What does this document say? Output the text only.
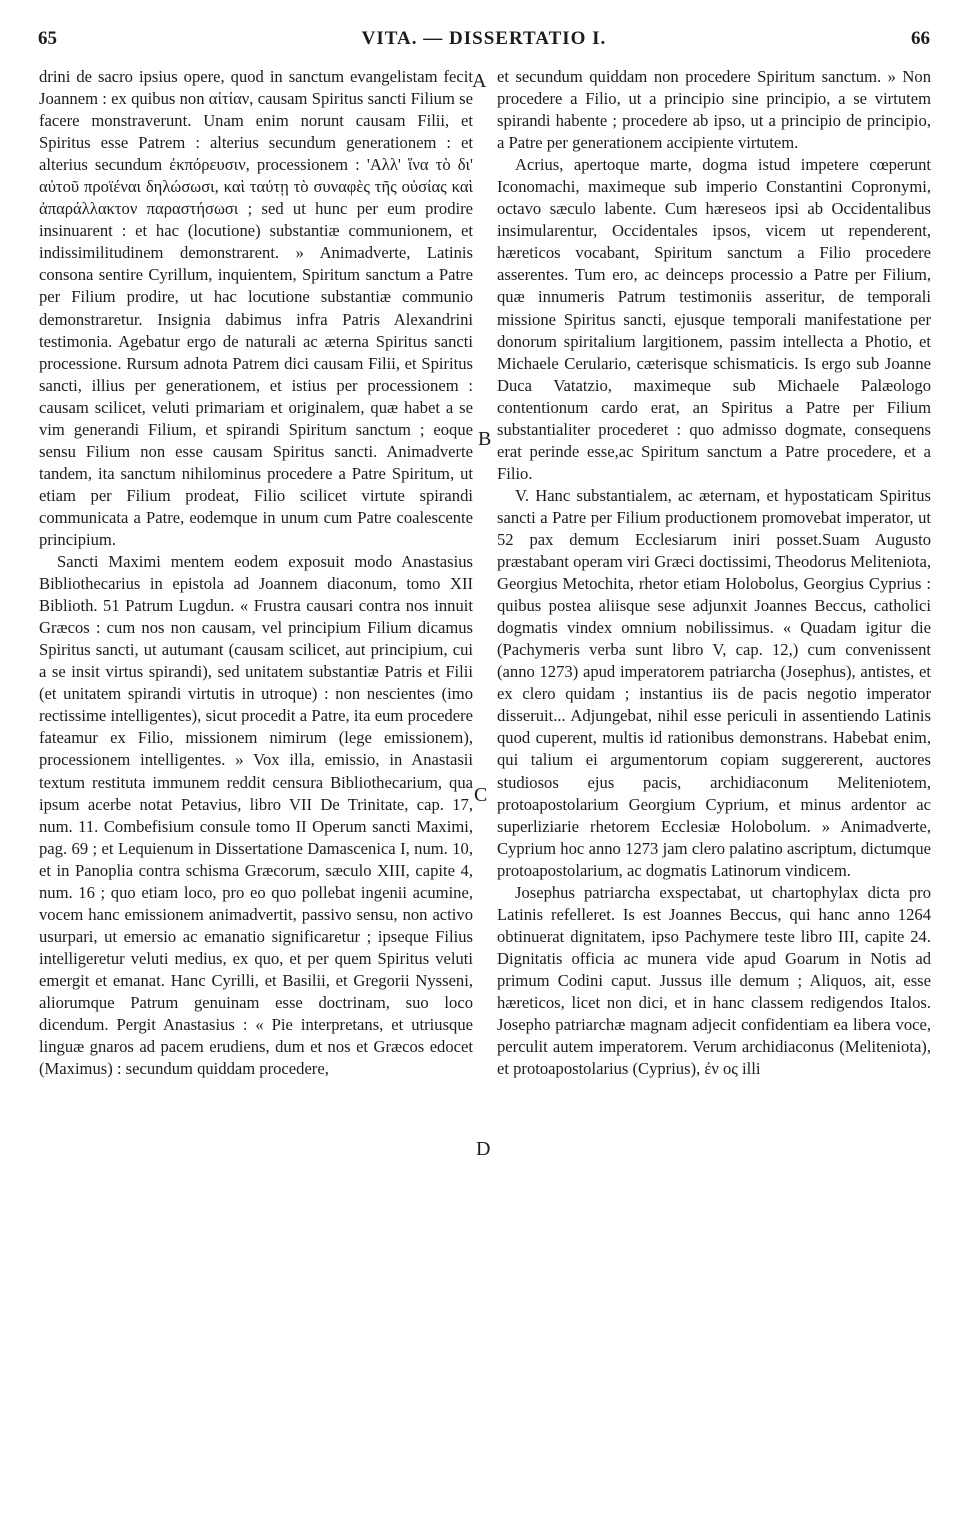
65	VITA. — DISSERTATIO I.	66

drini de sacro ipsius opere, quod in sanctum evangelistam fecit Joannem : ex quibus non αἰτίαν, causam Spiritus sancti Filium se facere monstraverunt. Unam enim norunt causam Filii, et Spiritus esse Patrem : alterius secundum generationem : et alterius secundum ἐκπόρευσιν, processionem : 'Αλλ' ἵνα τὸ δι' αὐτοῦ προϊέναι δηλώσωσι, καὶ ταύτῃ τὸ συναφὲς τῆς οὐσίας καὶ ἀπαράλλακτον παραστήσωσι ; sed ut hunc per eum prodire insinuarent : et hac (locutione) substantiæ communionem, et indissimilitudinem demonstrarent. » Animadverte, Latinis consona sentire Cyrillum, inquientem, Spiritum sanctum a Patre per Filium prodire, ut hac locutione substantiæ communio demonstraretur. Insignia dabimus infra Patris Alexandrini testimonia. Agebatur ergo de naturali ac æterna Spiritus sancti processione. Rursum adnota Patrem dici causam Filii, et Spiritus sancti, illius per generationem, et istius per processionem : causam scilicet, veluti primariam et originalem, quæ habet a se vim generandi Filium, et spirandi Spiritum sanctum ; eoque sensu Filium non esse causam Spiritus sancti. Animadverte tandem, ita sanctum nihilominus procedere a Patre Spiritum, ut etiam per Filium prodeat, Filio scilicet virtute spirandi communicata a Patre, eodemque in unum cum Patre coalescente principium.

Sancti Maximi mentem eodem exposuit modo Anastasius Bibliothecarius in epistola ad Joannem diaconum, tomo XII Biblioth. 51 Patrum Lugdun. « Frustra causari contra nos innuit Græcos : cum nos non causam, vel principium Filium dicamus Spiritus sancti, ut autumant (causam scilicet, aut principium, cui a se insit virtus spirandi), sed unitatem substantiæ Patris et Filii (et unitatem spirandi virtutis in utroque) : non nescientes (imo rectissime intelligentes), sicut procedit a Patre, ita eum procedere fateamur ex Filio, missionem nimirum (lege emissionem), processionem intelligentes. » Vox illa, emissio, in Anastasii textum restituta immunem reddit censura Bibliothecarium, qua ipsum acerbe notat Petavius, libro VII De Trinitate, cap. 17, num. 11. Combefisium consule tomo II Operum sancti Maximi, pag. 69 ; et Lequienum in Dissertatione Damascenica I, num. 10, et in Panoplia contra schisma Græcorum, sæculo XIII, capite 4, num. 16 ; quo etiam loco, pro eo quo pollebat ingenii acumine, vocem hanc emissionem animadvertit, passivo sensu, non activo usurpari, ut emersio ac emanatio significaretur ; ipseque Filius intelligeretur veluti medius, ex quo, et per quem Spiritus veluti emergit et emanat. Hanc Cyrilli, et Basilii, et Gregorii Nysseni, aliorumque Patrum genuinam esse doctrinam, suo loco dicendum. Pergit Anastasius : « Pie interpretans, et utriusque linguæ gnaros ad pacem erudiens, dum et nos et Græcos edocet (Maximus) : secundum quiddam procedere,

et secundum quiddam non procedere Spiritum sanctum. » Non procedere a Filio, ut a principio sine principio, a se virtutem spirandi habente ; procedere ab ipso, ut a principio de principio, a Patre per generationem accipiente virtutem.

Acrius, apertoque marte, dogma istud impetere cœperunt Iconomachi, maximeque sub imperio Constantini Copronymi, octavo sæculo labente. Cum hæreseos ipsi ab Occidentalibus insimularentur, Occidentales ipsos, vicem ut rependerent, hæreticos vocabant, Spiritum sanctum a Filio procedere asserentes. Tum ero, ac deinceps processio a Patre per Filium, quæ innumeris Patrum testimoniis asseritur, de temporali missione Spiritus sancti, ejusque temporali manifestatione per donorum spiritalium largitionem, passim intellecta a Photio, et Michaele Cerulario, cæterisque schismaticis. Is ergo sub Joanne Duca Vatatzio, maximeque sub Michaele Palæologo contentionum cardo erat, an Spiritus a Patre per Filium substantialiter procederet : quo admisso dogmate, consequens erat perinde esse,ac Spiritum sanctum a Patre procedere, et a Filio.

V. Hanc substantialem, ac æternam, et hypostaticam Spiritus sancti a Patre per Filium productionem promovebat imperator, ut 52 pax demum Ecclesiarum iniri posset.Suam Augusto præstabant operam viri Græci doctissimi, Theodorus Meliteniota, Georgius Metochita, rhetor etiam Holobolus, Georgius Cyprius : quibus postea aliisque sese adjunxit Joannes Beccus, catholici dogmatis vindex omnium nobilissimus. « Quadam igitur die (Pachymeris verba sunt libro V, cap. 12,) cum convenissent (anno 1273) apud imperatorem patriarcha (Josephus), antistes, et ex clero quidam ; instantius iis de pacis negotio imperator disseruit... Adjungebat, nihil esse periculi in assentiendo Latinis quod cuperent, multis id rationibus demonstrans. Habebat enim, qui talium ei argumentorum copiam suggererent, auctores studiosos ejus pacis, archidiaconum Meliteniotem, protoapostolarium Georgium Cyprium, et minus ardentor ac superliziarie rhetorem Ecclesiæ Holobolum. » Animadverte, Cyprium hoc anno 1273 jam clero palatino ascriptum, dictumque protoapostolarium, ac dogmatis Latinorum vindicem.

Josephus patriarcha exspectabat, ut chartophylax dicta pro Latinis refelleret. Is est Joannes Beccus, qui hanc anno 1264 obtinuerat dignitatem, ipso Pachymere teste libro III, capite 24. Dignitatis officia ac munera vide apud Goarum in Notis ad primum Codini caput. Jussus ille demum ; Aliquos, ait, esse hæreticos, licet non dici, et in hanc classem redigendos Italos. Josepho patriarchæ magnam adjecit confidentiam ea libera voce, perculit autem imperatorem. Verum archidiaconus (Meliteniota), et protoapostolarius (Cyprius), ἐν ος illi

A
B
C
D
